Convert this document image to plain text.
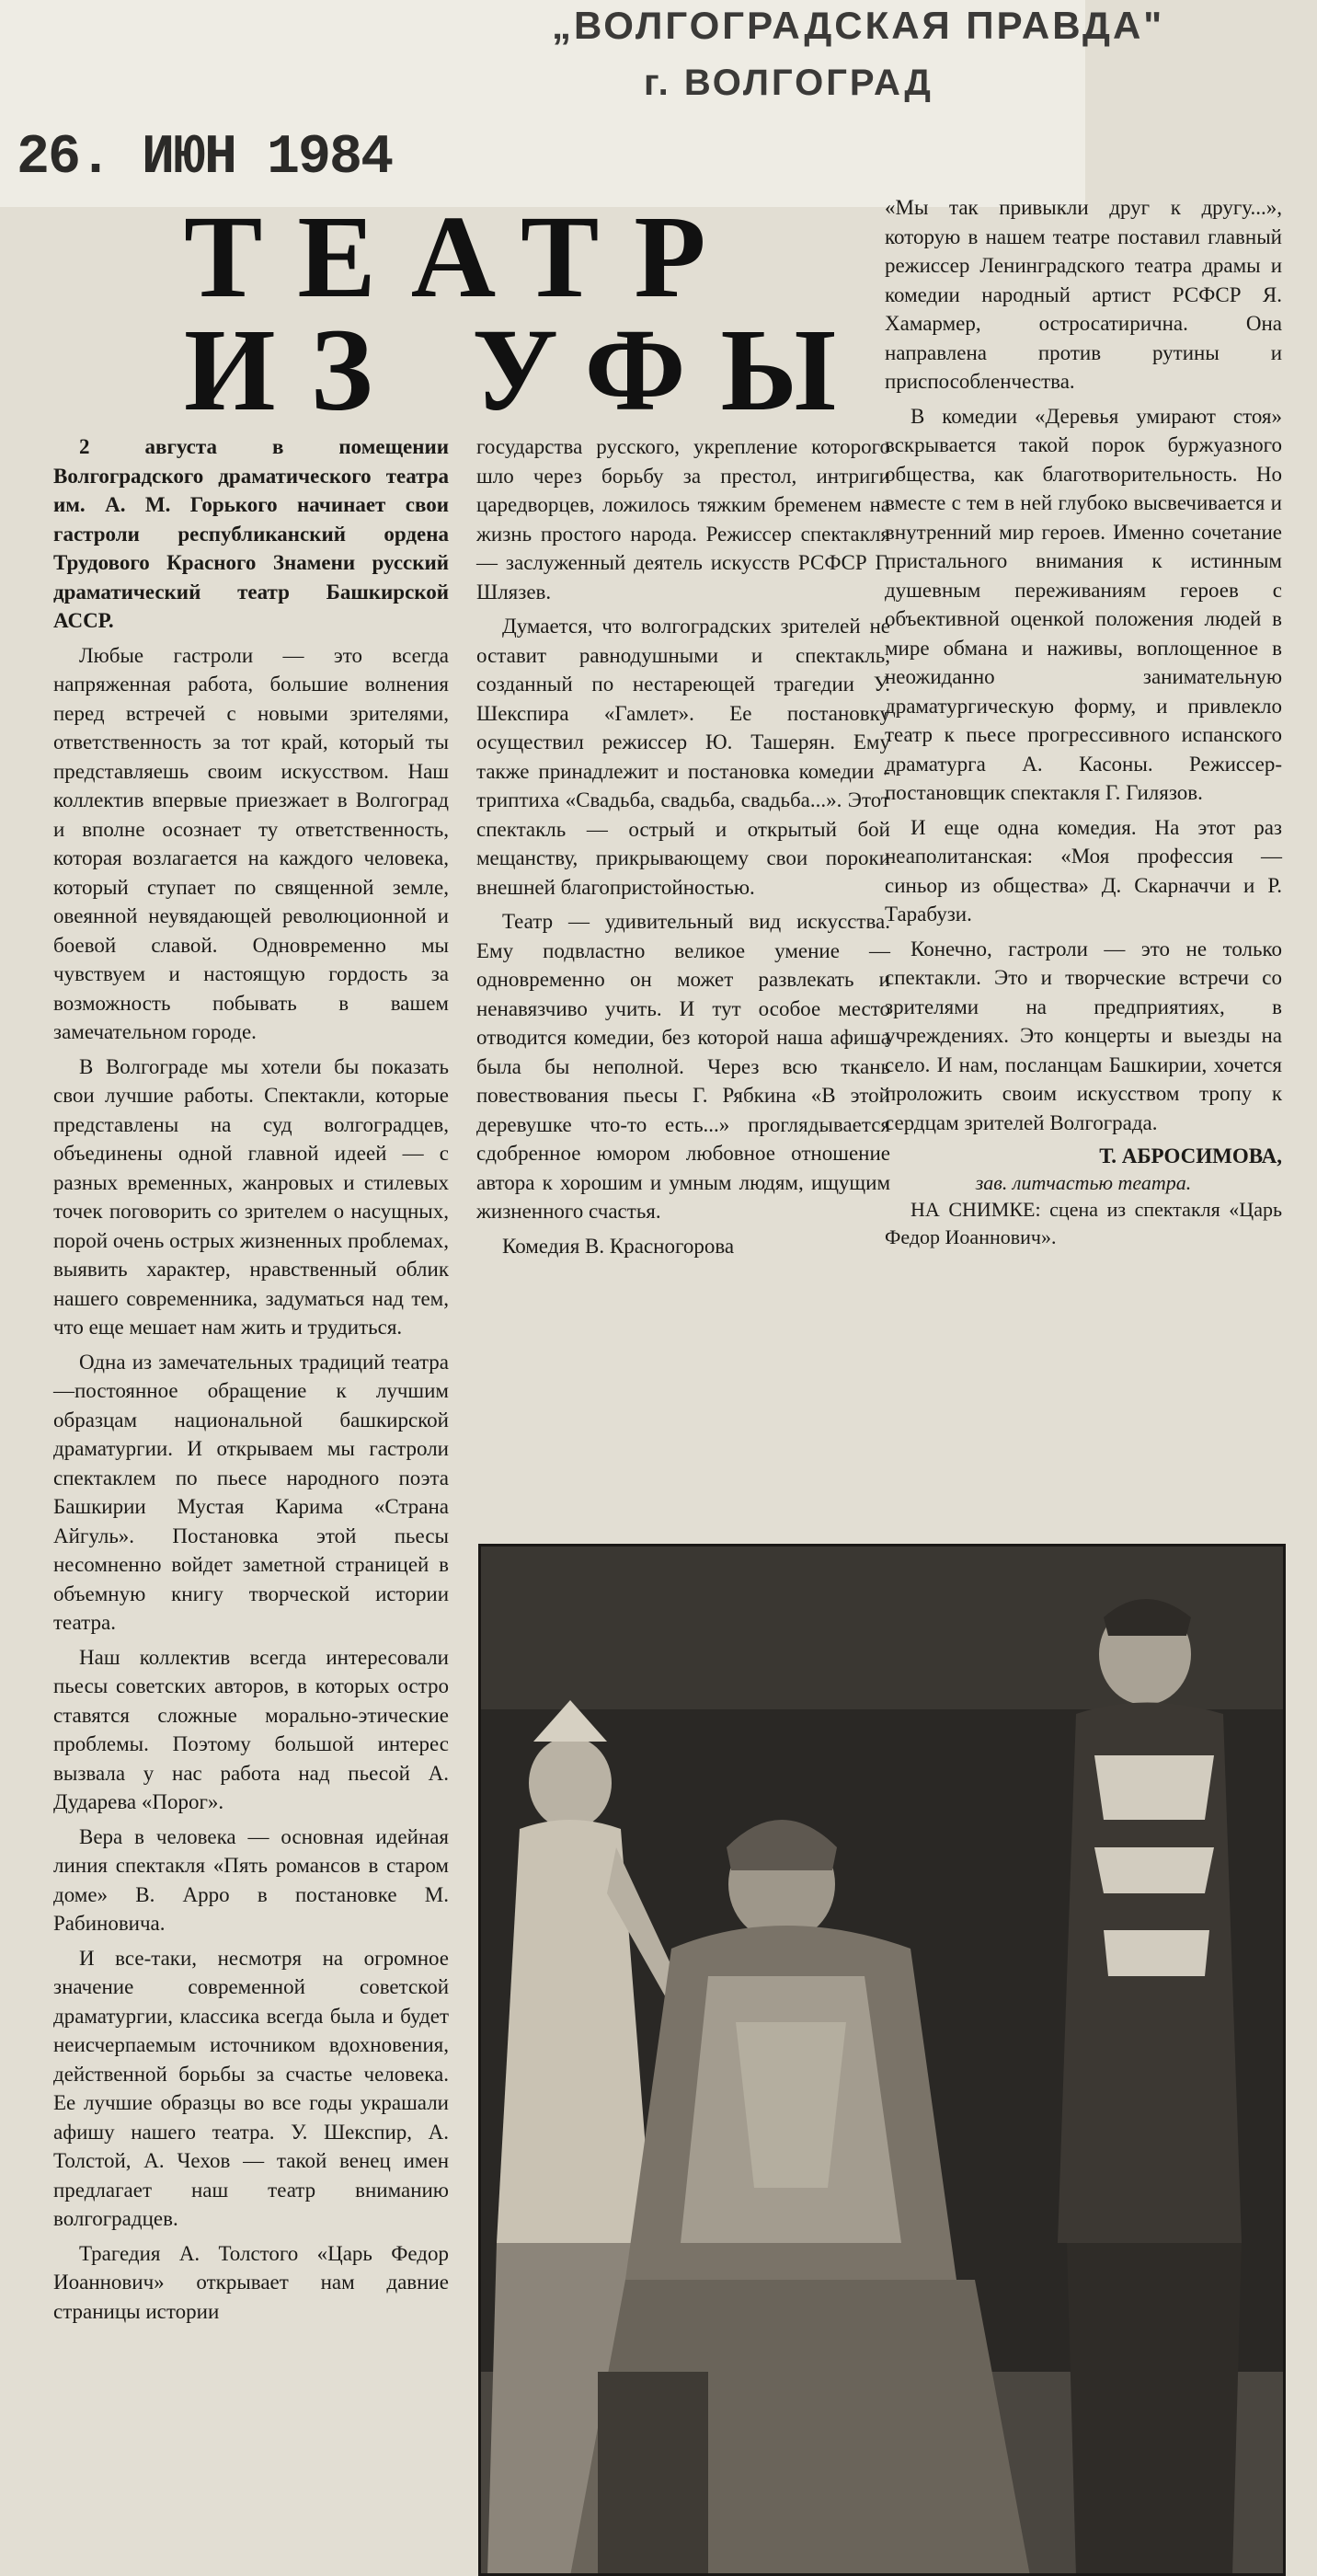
„ВОЛГОГРАДСКАЯ ПРАВДА"
г. ВОЛГОГРАД
26. ИЮН 1984
ТЕАТР
ИЗ УФЫ

2 августа в помещении Волгоградского драматического театра им. А. М. Горького начинает свои гастроли республиканский ордена Трудового Красного Знамени русский драматический театр Башкирской АССР.

Любые гастроли — это всегда напряженная работа, большие волнения перед встречей с новыми зрителями, ответственность за тот край, который ты представляешь своим искусством. Наш коллектив впервые приезжает в Волгоград и вполне осознает ту ответственность, которая возлагается на каждого человека, который ступает по священной земле, овеянной неувядающей революционной и боевой славой. Одновременно мы чувствуем и настоящую гордость за возможность побывать в вашем замечательном городе.

В Волгограде мы хотели бы показать свои лучшие работы. Спектакли, которые представлены на суд волгоградцев, объединены одной главной идеей — с разных временных, жанровых и стилевых точек поговорить со зрителем о насущных, порой очень острых жизненных проблемах, выявить характер, нравственный облик нашего современника, задуматься над тем, что еще мешает нам жить и трудиться.

Одна из замечательных традиций театра—постоянное обращение к лучшим образцам национальной башкирской драматургии. И открываем мы гастроли спектаклем по пьесе народного поэта Башкирии Мустая Карима «Страна Айгуль». Постановка этой пьесы несомненно войдет заметной страницей в объемную книгу творческой истории театра.

Наш коллектив всегда интересовали пьесы советских авторов, в которых остро ставятся сложные морально-этические проблемы. Поэтому большой интерес вызвала у нас работа над пьесой А. Дударева «Порог».

Вера в человека — основная идейная линия спектакля «Пять романсов в старом доме» В. Арро в постановке М. Рабиновича.

И все-таки, несмотря на огромное значение современной советской драматургии, классика всегда была и будет неисчерпаемым источником вдохновения, действенной борьбы за счастье человека. Ее лучшие образцы во все годы украшали афишу нашего театра. У. Шекспир, А. Толстой, А. Чехов — такой венец имен предлагает наш театр вниманию волгоградцев.

Трагедия А. Толстого «Царь Федор Иоаннович» открывает нам давние страницы истории

государства русского, укрепление которого шло через борьбу за престол, интриги царедворцев, ложилось тяжким бременем на жизнь простого народа. Режиссер спектакля — заслуженный деятель искусств РСФСР Г. Шлязев.

Думается, что волгоградских зрителей не оставит равнодушными и спектакль, созданный по нестареющей трагедии У. Шекспира «Гамлет». Ее постановку осуществил режиссер Ю. Ташерян. Ему также принадлежит и постановка комедии - триптиха «Свадьба, свадьба, свадьба...». Этот спектакль — острый и открытый бой мещанству, прикрывающему свои пороки внешней благопристойностью.

Театр — удивительный вид искусства. Ему подвластно великое умение — одновременно он может развлекать и ненавязчиво учить. И тут особое место отводится комедии, без которой наша афиша была бы неполной. Через всю ткань повествования пьесы Г. Рябкина «В этой деревушке что-то есть...» проглядывается сдобренное юмором любовное отношение автора к хорошим и умным людям, ищущим жизненного счастья.

Комедия В. Красногорова

«Мы так привыкли друг к другу...», которую в нашем театре поставил главный режиссер Ленинградского театра драмы и комедии народный артист РСФСР Я. Хамармер, остросатирична. Она направлена против рутины и приспособленчества.

В комедии «Деревья умирают стоя» вскрывается такой порок буржуазного общества, как благотворительность. Но вместе с тем в ней глубоко высвечивается и внутренний мир героев. Именно сочетание пристального внимания к истинным душевным переживаниям героев с объективной оценкой положения людей в мире обмана и наживы, воплощенное в неожиданно занимательную драматургическую форму, и привлекло театр к пьесе прогрессивного испанского драматурга А. Касоны. Режиссер-постановщик спектакля Г. Гилязов.

И еще одна комедия. На этот раз неаполитанская: «Моя профессия — синьор из общества» Д. Скарначчи и Р. Тарабузи.

Конечно, гастроли — это не только спектакли. Это и творческие встречи со зрителями на предприятиях, в учреждениях. Это концерты и выезды на село. И нам, посланцам Башкирии, хочется проложить своим искусством тропу к сердцам зрителей Волгограда.

Т. АБРОСИМОВА,
зав. литчастью театра.
НА СНИМКЕ: сцена из спектакля «Царь Федор Иоаннович».
